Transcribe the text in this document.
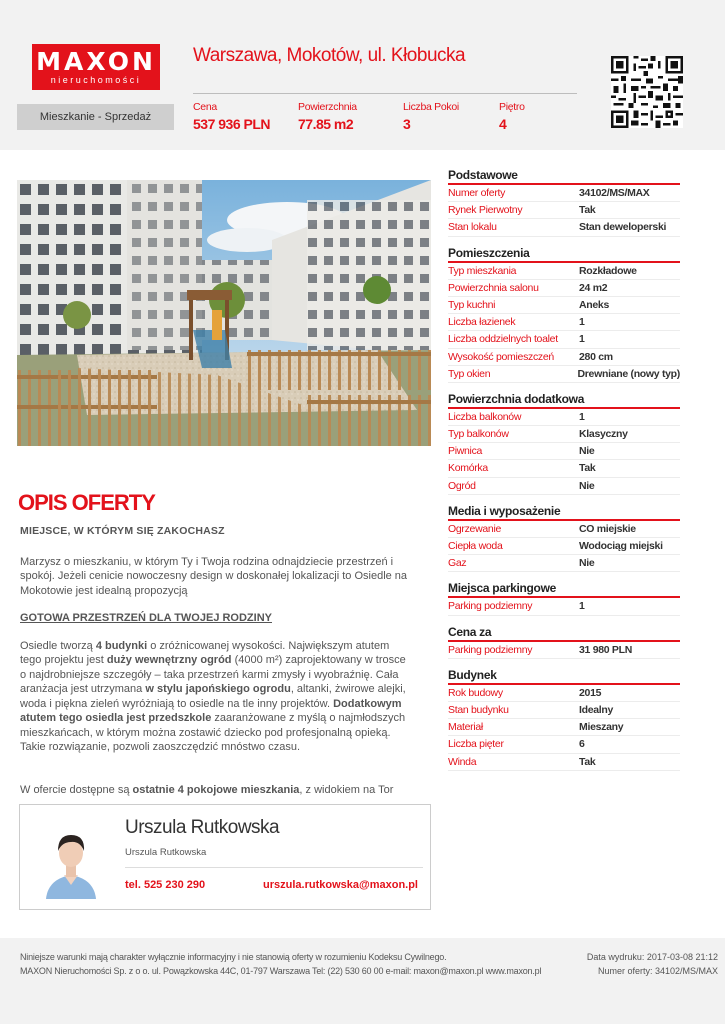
MAXON
nieruchomości
Mieszkanie - Sprzedaż
Warszawa, Mokotów, ul. Kłobucka
Cena
537 936 PLN
Powierzchnia
77.85 m2
Liczba Pokoi
3
Piętro
4
OPIS OFERTY
MIEJSCE, W KTÓRYM SIĘ ZAKOCHASZ

Marzysz o mieszkaniu, w którym Ty i Twoja rodzina odnajdziecie przestrzeń i spokój. Jeżeli cenicie nowoczesny design w doskonałej lokalizacji to Osiedle na Mokotowie jest idealną propozycją

GOTOWA PRZESTRZEŃ DLA TWOJEJ RODZINY

Osiedle tworzą 4 budynki o zróżnicowanej wysokości. Największym atutem tego projektu jest duży wewnętrzny ogród (4000 m²) zaprojektowany w trosce o najdrobniejsze szczegóły – taka przestrzeń karmi zmysły i wyobraźnię. Cała aranżacja jest utrzymana w stylu japońskiego ogrodu, altanki, żwirowe alejki, woda i piękna zieleń wyróżniają to osiedle na tle inny projektów. Dodatkowym atutem tego osiedla jest przedszkole zaaranżowane z myślą o najmłodszych mieszkańcach, w którym można zostawić dziecko pod profesjonalną opieką. Takie rozwiązanie, pozwoli zaoszczędzić mnóstwo czasu.

W ofercie dostępne są ostatnie 4 pokojowe mieszkania, z widokiem na Tor

Urszula Rutkowska
Urszula Rutkowska
tel. 525 230 290	urszula.rutkowska@maxon.pl
Podstawowe
Numer oferty	34102/MS/MAX
Rynek Pierwotny	Tak
Stan lokalu	Stan deweloperski
Pomieszczenia
Typ mieszkania	Rozkładowe
Powierzchnia salonu	24 m2
Typ kuchni	Aneks
Liczba łazienek	1
Liczba oddzielnych toalet	1
Wysokość pomieszczeń	280 cm
Typ okien	Drewniane (nowy typ)
Powierzchnia dodatkowa
Liczba balkonów	1
Typ balkonów	Klasyczny
Piwnica	Nie
Komórka	Tak
Ogród	Nie
Media i wyposażenie
Ogrzewanie	CO miejskie
Ciepła woda	Wodociąg miejski
Gaz	Nie
Miejsca parkingowe
Parking podziemny	1
Cena za
Parking podziemny	31 980 PLN
Budynek
Rok budowy	2015
Stan budynku	Idealny
Materiał	Mieszany
Liczba pięter	6
Winda	Tak
Niniejsze warunki mają charakter wyłącznie informacyjny i nie stanowią oferty w rozumieniu Kodeksu Cywilnego.
MAXON Nieruchomości Sp. z o o. ul. Powązkowska 44C, 01-797 Warszawa Tel: (22) 530 60 00 e-mail: maxon@maxon.pl www.maxon.pl
Data wydruku: 2017-03-08 21:12
Numer oferty: 34102/MS/MAX
